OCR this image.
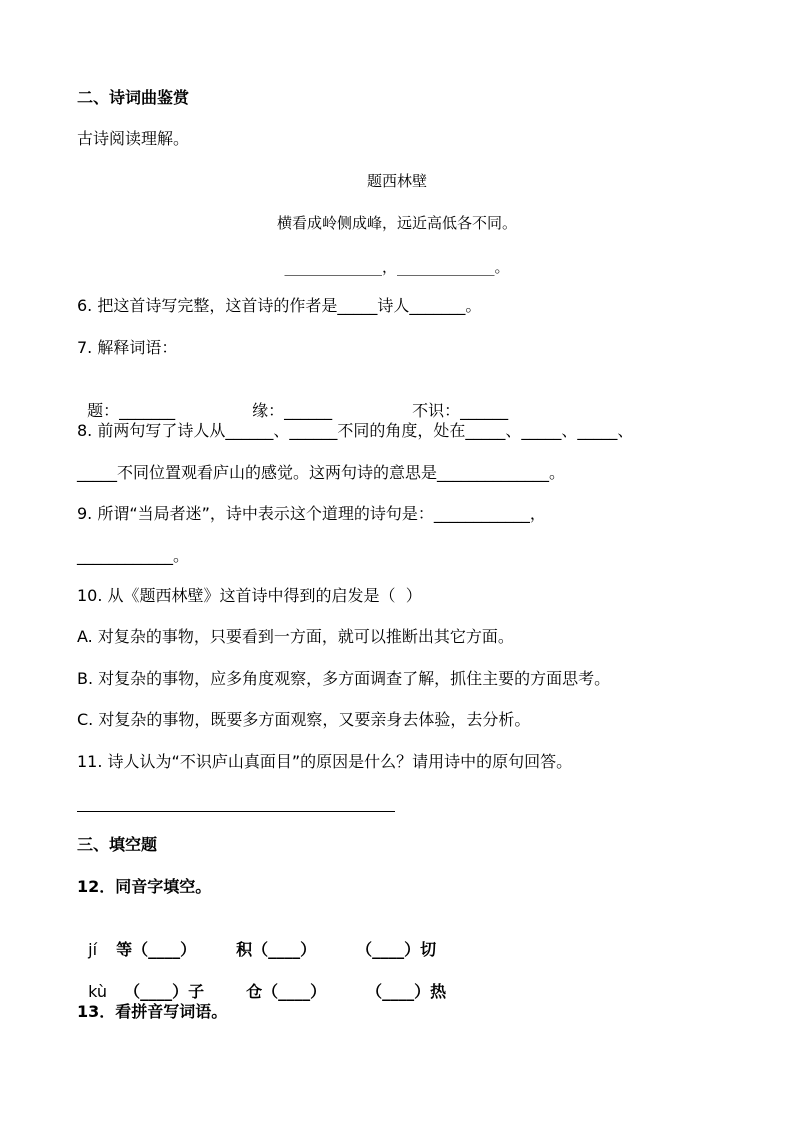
二、诗词曲鉴赏
古诗阅读理解。
题西林壁
横看成岭侧成峰，远近高低各不同。
_____________，_____________。
6. 把这首诗写完整，这首诗的作者是_____诗人_______。
7. 解释词语：

题：_______	缘：______	不识：______

8. 前两句写了诗人从______、______不同的角度，处在_____、_____、_____、
_____不同位置观看庐山的感觉。这两句诗的意思是______________。
9. 所谓“当局者迷”，诗中表示这个道理的诗句是：____________，
____________。
10. 从《题西林壁》这首诗中得到的启发是（  ）
A. 对复杂的事物，只要看到一方面，就可以推断出其它方面。
B. 对复杂的事物，应多角度观察，多方面调查了解，抓住主要的方面思考。
C. 对复杂的事物，既要多方面观察，又要亲身去体验，去分析。
11. 诗人认为“不识庐山真面目”的原因是什么？请用诗中的原句回答。
三、填空题
12．同音字填空。

jí 等（____） 积（____） （____）切

kù （____）子	仓（____） （____）热

13．看拼音写词语。
